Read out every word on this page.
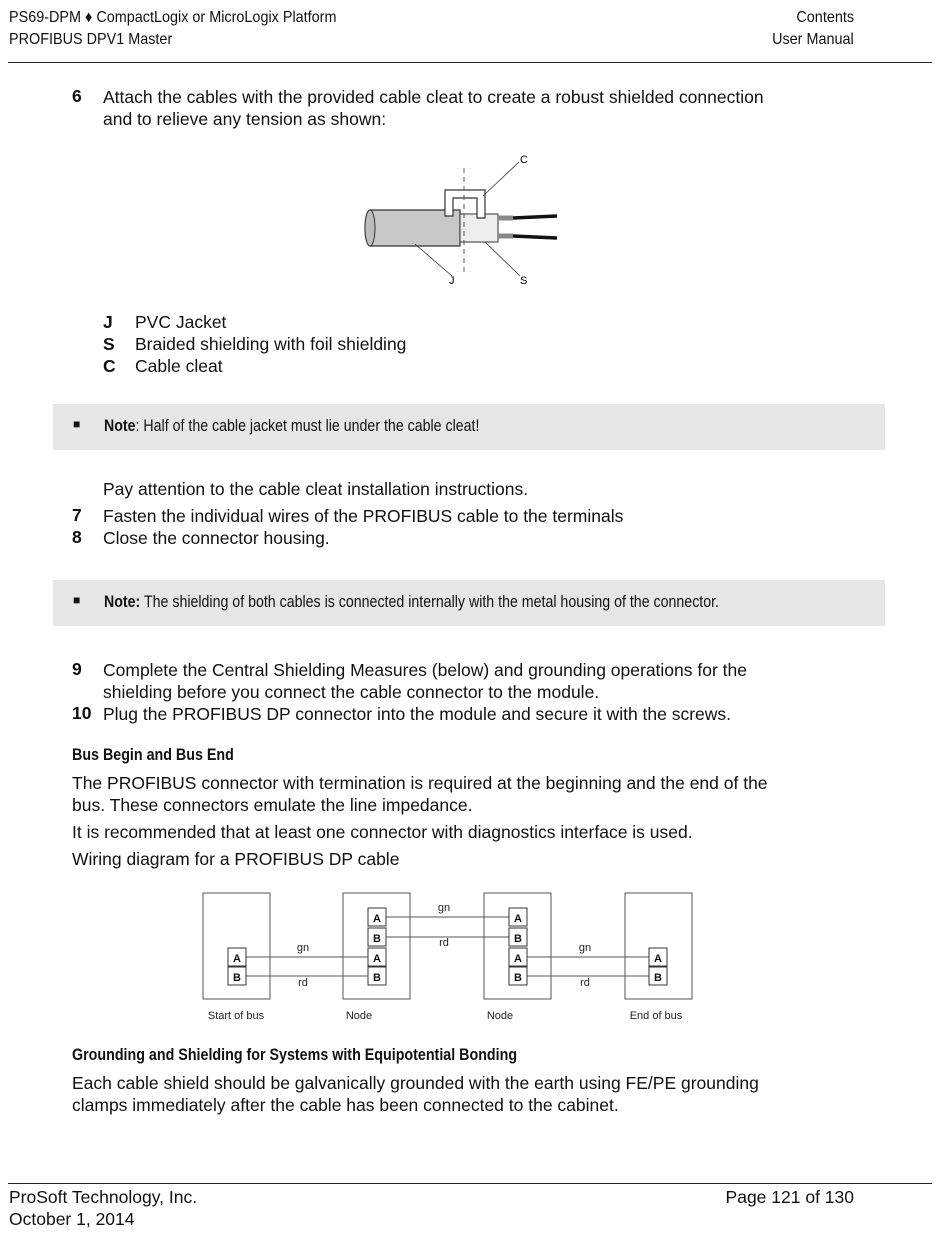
PS69-DPM ♦ CompactLogix or MicroLogix Platform
PROFIBUS DPV1 Master
Contents
User Manual
6 Attach the cables with the provided cable cleat to create a robust shielded connection
and to relieve any tension as shown:
C
J	S
J PVC Jacket
S Braided shielding with foil shielding
C Cable cleat
■ Note: Half of the cable jacket must lie under the cable cleat!
Pay attention to the cable cleat installation instructions.
7 Fasten the individual wires of the PROFIBUS cable to the terminals
8 Close the connector housing.
■ Note: The shielding of both cables is connected internally with the metal housing of the connector.
9 Complete the Central Shielding Measures (below) and grounding operations for the
shielding before you connect the cable connector to the module.
10 Plug the PROFIBUS DP connector into the module and secure it with the screws.
Bus Begin and Bus End
The PROFIBUS connector with termination is required at the beginning and the end of the
bus. These connectors emulate the line impedance.
It is recommended that at least one connector with diagnostics interface is used.
Wiring diagram for a PROFIBUS DP cable
A
B
A
B
A
B
A
B
A
B
A
B
gn
rd
gn
rd	gn
rd
Start of bus	Node	Node	End of bus
Grounding and Shielding for Systems with Equipotential Bonding
Each cable shield should be galvanically grounded with the earth using FE/PE grounding
clamps immediately after the cable has been connected to the cabinet.
ProSoft Technology, Inc.
October 1, 2014
Page 121 of 130
